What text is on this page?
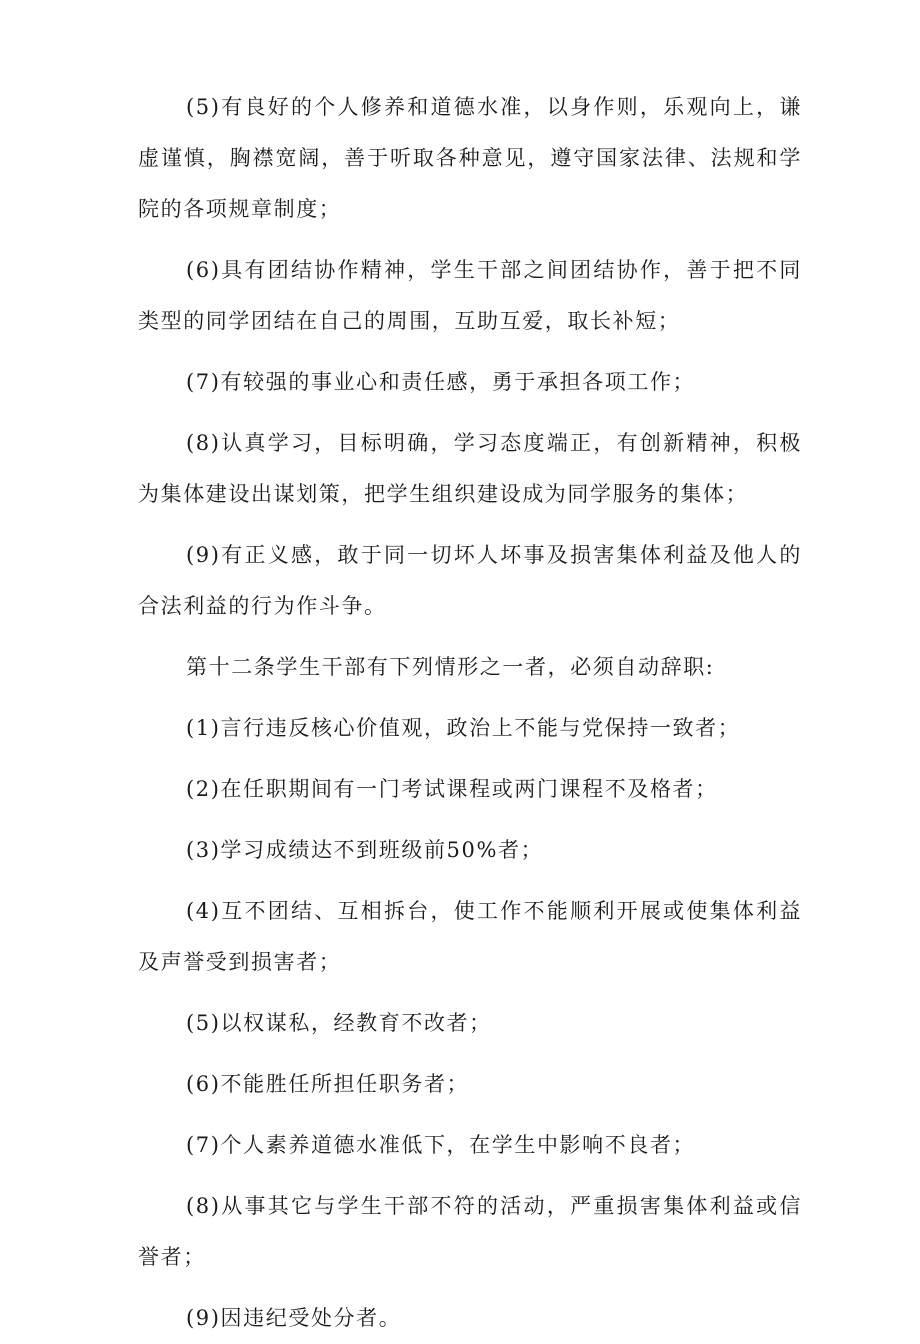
(5)有良好的个人修养和道德水准，以身作则，乐观向上，谦虚谨慎，胸襟宽阔，善于听取各种意见，遵守国家法律、法规和学院的各项规章制度；

(6)具有团结协作精神，学生干部之间团结协作，善于把不同类型的同学团结在自己的周围，互助互爱，取长补短；

(7)有较强的事业心和责任感，勇于承担各项工作；

(8)认真学习，目标明确，学习态度端正，有创新精神，积极为集体建设出谋划策，把学生组织建设成为同学服务的集体；

(9)有正义感，敢于同一切坏人坏事及损害集体利益及他人的合法利益的行为作斗争。

第十二条学生干部有下列情形之一者，必须自动辞职:

(1)言行违反核心价值观，政治上不能与党保持一致者；

(2)在任职期间有一门考试课程或两门课程不及格者；

(3)学习成绩达不到班级前50%者；

(4)互不团结、互相拆台，使工作不能顺利开展或使集体利益及声誉受到损害者；

(5)以权谋私，经教育不改者；

(6)不能胜任所担任职务者；

(7)个人素养道德水准低下，在学生中影响不良者；

(8)从事其它与学生干部不符的活动，严重损害集体利益或信誉者；

(9)因违纪受处分者。
